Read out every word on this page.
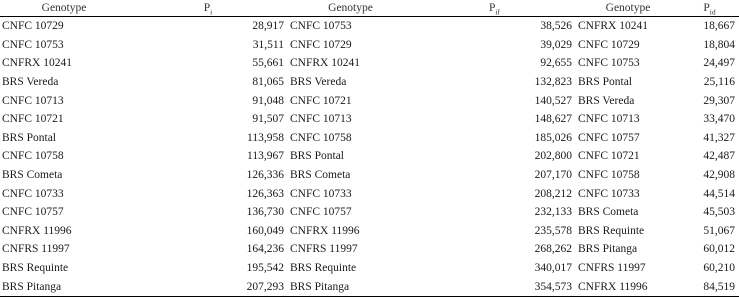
Genotype	$P_i$	Genotype	$P_{if}$	Genotype	$P_{id}$
CNFC 10729	28,917	CNFC 10753	38,526	CNFRX 10241	18,667
CNFC 10753	31,511	CNFC 10729	39,029	CNFC 10729	18,804
CNFRX 10241	55,661	CNFRX 10241	92,655	CNFC 10753	24,497
BRS Vereda	81,065	BRS Vereda	132,823	BRS Pontal	25,116
CNFC 10713	91,048	CNFC 10721	140,527	BRS Vereda	29,307
CNFC 10721	91,507	CNFC 10713	148,627	CNFC 10713	33,470
BRS Pontal	113,958	CNFC 10758	185,026	CNFC 10757	41,327
CNFC 10758	113,967	BRS Pontal	202,800	CNFC 10721	42,487
BRS Cometa	126,336	BRS Cometa	207,170	CNFC 10758	42,908
CNFC 10733	126,363	CNFC 10733	208,212	CNFC 10733	44,514
CNFC 10757	136,730	CNFC 10757	232,133	BRS Cometa	45,503
CNFRX 11996	160,049	CNFRX 11996	235,578	BRS Requinte	51,067
CNFRS 11997	164,236	CNFRS 11997	268,262	BRS Pitanga	60,012
BRS Requinte	195,542	BRS Requinte	340,017	CNFRS 11997	60,210
BRS Pitanga	207,293	BRS Pitanga	354,573	CNFRX 11996	84,519
